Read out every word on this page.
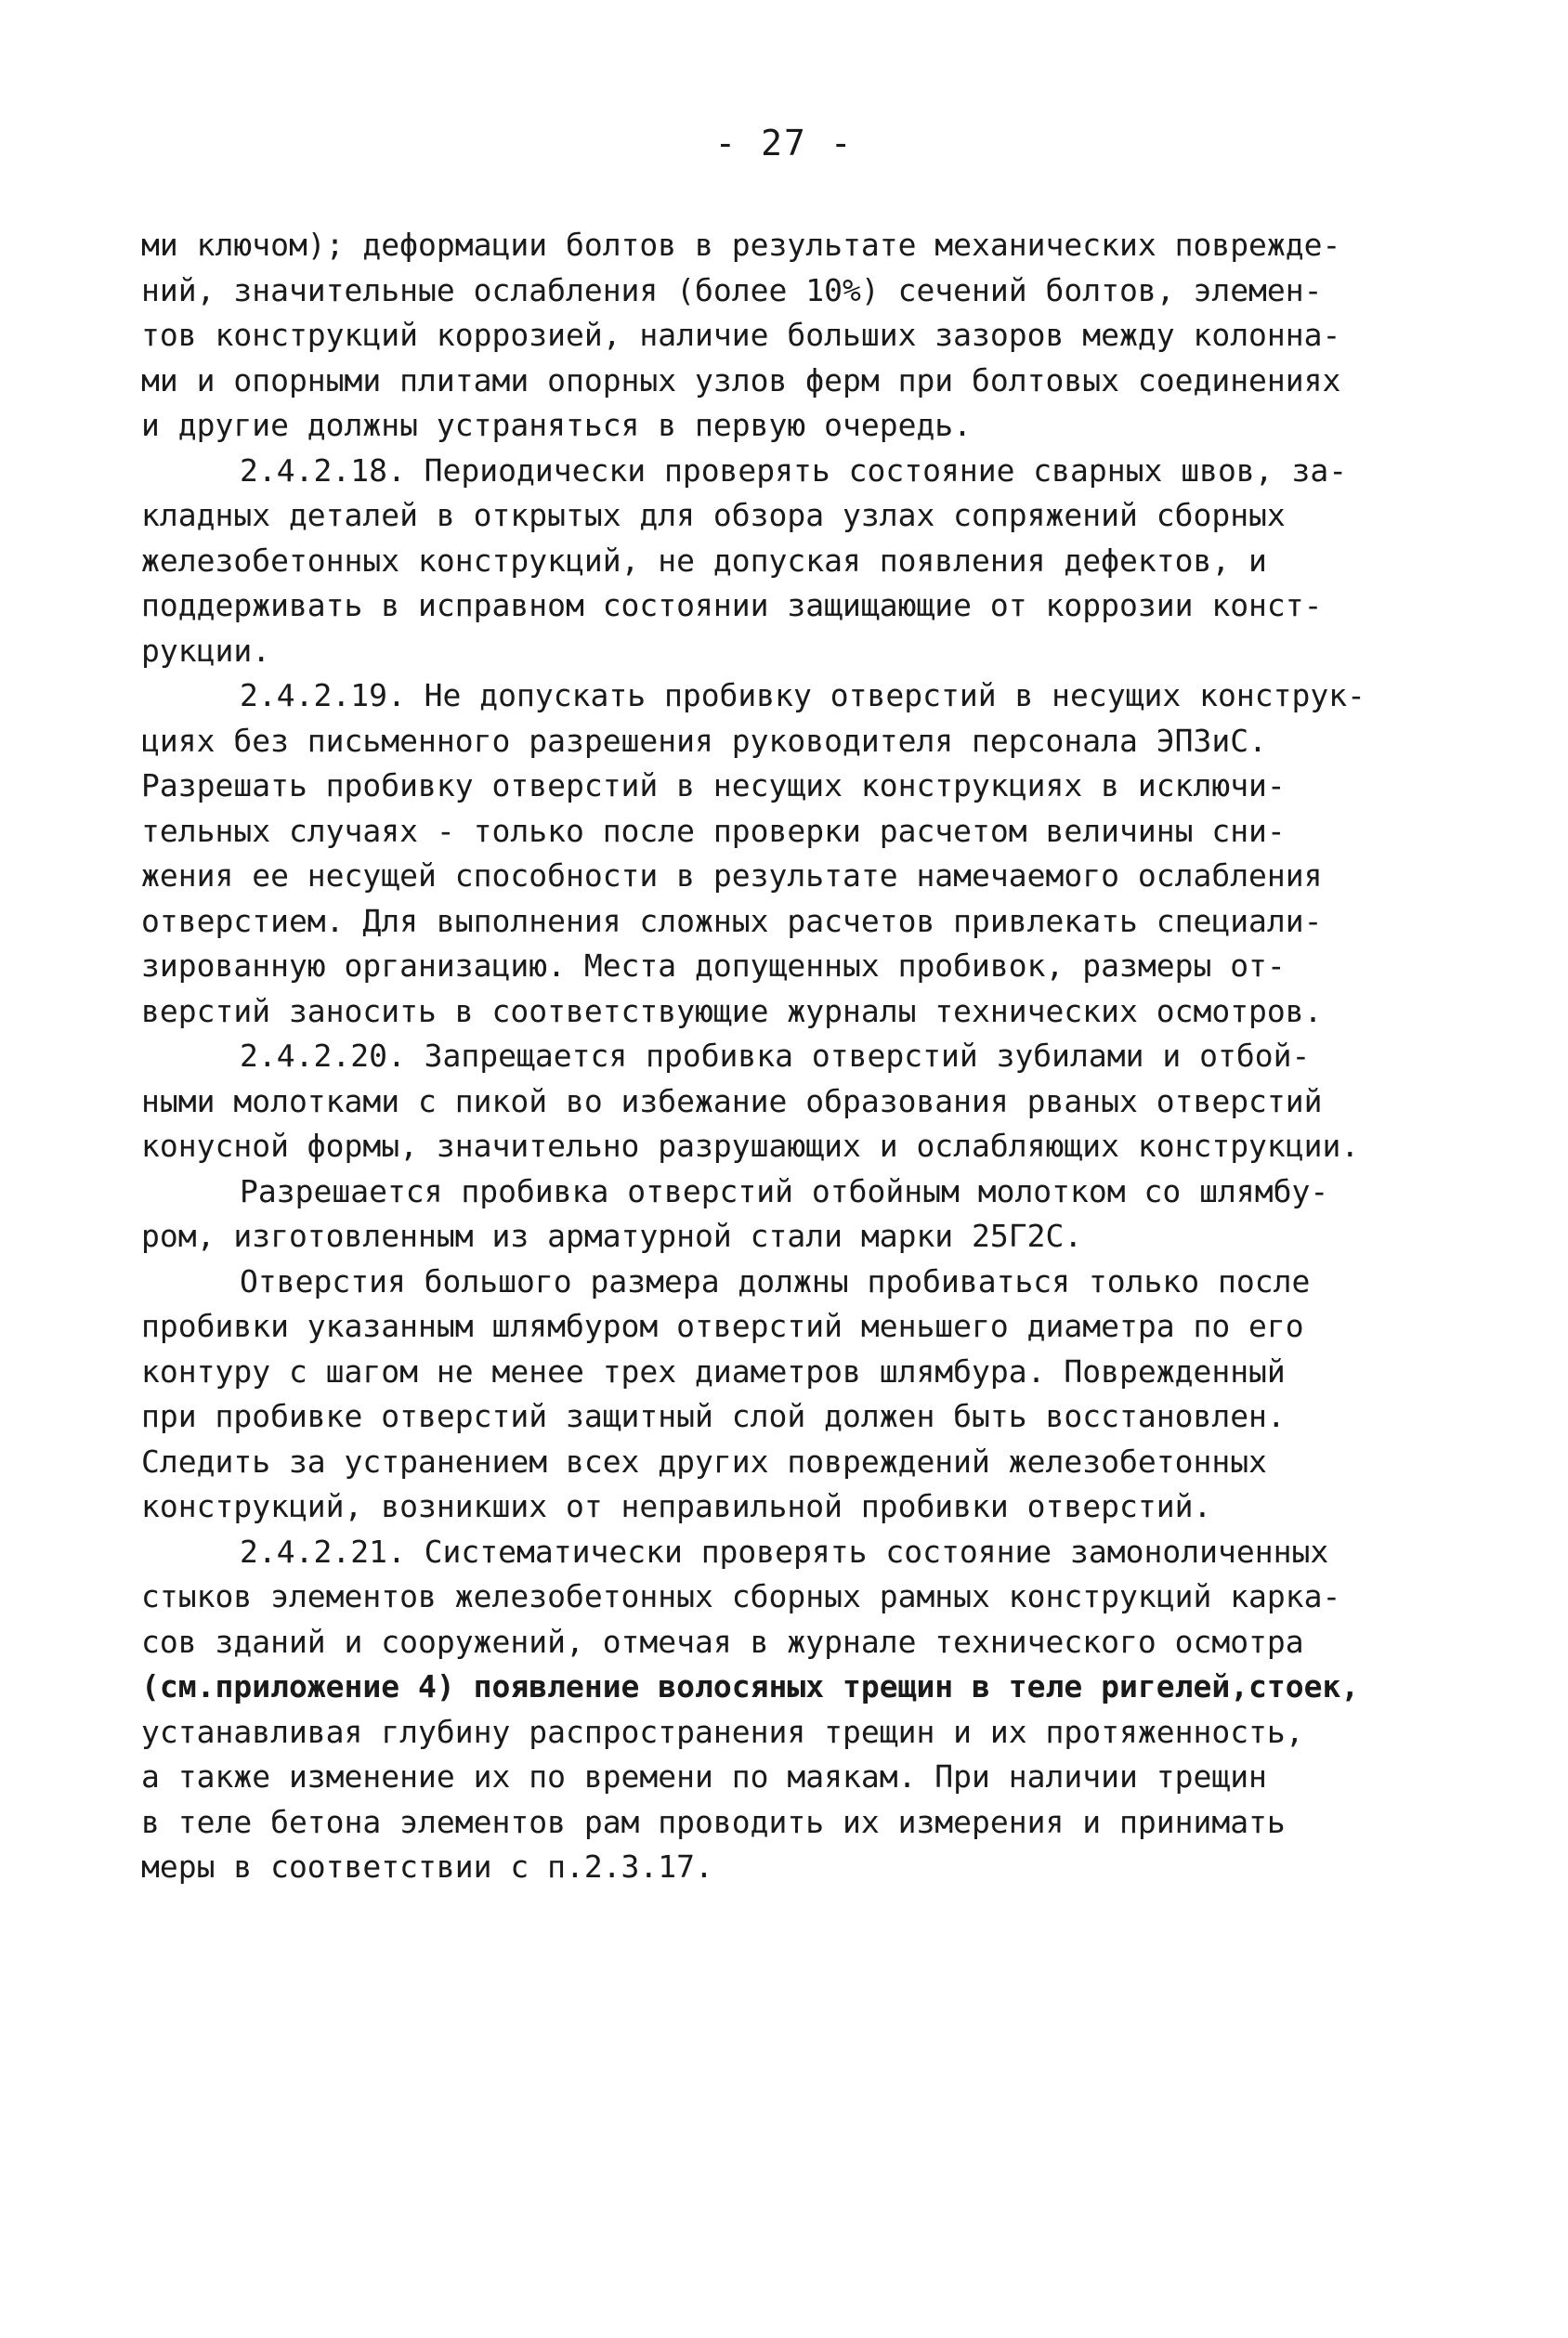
- 27 -
ми ключом); деформации болтов в результате механических поврежде-
ний, значительные ослабления (более 10%) сечений болтов, элемен-
тов конструкций коррозией, наличие больших зазоров между колонна-
ми и опорными плитами опорных узлов ферм при болтовых соединениях
и другие должны устраняться в первую очередь.
2.4.2.18. Периодически проверять состояние сварных швов, за-
кладных деталей в открытых для обзора узлах сопряжений сборных
железобетонных конструкций, не допуская появления дефектов, и
поддерживать в исправном состоянии защищающие от коррозии конст-
рукции.
2.4.2.19. Не допускать пробивку отверстий в несущих конструк-
циях без письменного разрешения руководителя персонала ЭПЗиС.
Разрешать пробивку отверстий в несущих конструкциях в исключи-
тельных случаях - только после проверки расчетом величины сни-
жения ее несущей способности в результате намечаемого ослабления
отверстием. Для выполнения сложных расчетов привлекать специали-
зированную организацию. Места допущенных пробивок, размеры от-
верстий заносить в соответствующие журналы технических осмотров.
2.4.2.20. Запрещается пробивка отверстий зубилами и отбой-
ными молотками с пикой во избежание образования рваных отверстий
конусной формы, значительно разрушающих и ослабляющих конструкции.
Разрешается пробивка отверстий отбойным молотком со шлямбу-
ром, изготовленным из арматурной стали марки 25Г2С.
Отверстия большого размера должны пробиваться только после
пробивки указанным шлямбуром отверстий меньшего диаметра по его
контуру с шагом не менее трех диаметров шлямбура. Поврежденный
при пробивке отверстий защитный слой должен быть восстановлен.
Следить за устранением всех других повреждений железобетонных
конструкций, возникших от неправильной пробивки отверстий.
2.4.2.21. Систематически проверять состояние замоноличенных
стыков элементов железобетонных сборных рамных конструкций карка-
сов зданий и сооружений, отмечая в журнале технического осмотра
(см.приложение 4) появление волосяных трещин в теле ригелей,стоек,
устанавливая глубину распространения трещин и их протяженность,
а также изменение их по времени по маякам. При наличии трещин
в теле бетона элементов рам проводить их измерения и принимать
меры в соответствии с п.2.3.17.
